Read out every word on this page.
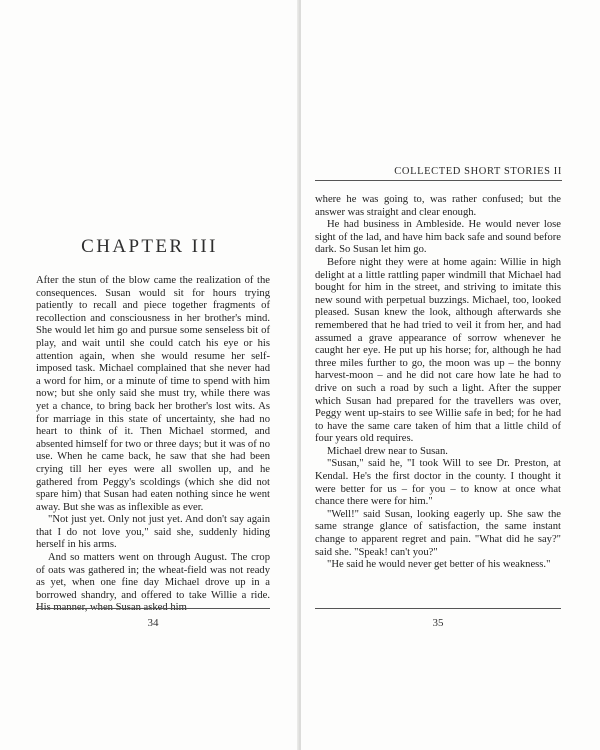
CHAPTER III

After the stun of the blow came the realization of the consequences. Susan would sit for hours trying patiently to recall and piece together fragments of recollection and consciousness in her brother's mind. She would let him go and pursue some senseless bit of play, and wait until she could catch his eye or his attention again, when she would resume her self-imposed task. Michael complained that she never had a word for him, or a minute of time to spend with him now; but she only said she must try, while there was yet a chance, to bring back her brother's lost wits. As for marriage in this state of uncertainty, she had no heart to think of it. Then Michael stormed, and absented himself for two or three days; but it was of no use. When he came back, he saw that she had been crying till her eyes were all swollen up, and he gathered from Peggy's scoldings (which she did not spare him) that Susan had eaten nothing since he went away. But she was as inflexible as ever.

"Not just yet. Only not just yet. And don't say again that I do not love you," said she, suddenly hiding herself in his arms.

And so matters went on through August. The crop of oats was gathered in; the wheat-field was not ready as yet, when one fine day Michael drove up in a borrowed shandry, and offered to take Willie a ride. His manner, when Susan asked him

34
COLLECTED SHORT STORIES II

where he was going to, was rather confused; but the answer was straight and clear enough.

He had business in Ambleside. He would never lose sight of the lad, and have him back safe and sound before dark. So Susan let him go.

Before night they were at home again: Willie in high delight at a little rattling paper windmill that Michael had bought for him in the street, and striving to imitate this new sound with perpetual buzzings. Michael, too, looked pleased. Susan knew the look, although afterwards she remembered that he had tried to veil it from her, and had assumed a grave appearance of sorrow whenever he caught her eye. He put up his horse; for, although he had three miles further to go, the moon was up – the bonny harvest-moon – and he did not care how late he had to drive on such a road by such a light. After the supper which Susan had prepared for the travellers was over, Peggy went up-stairs to see Willie safe in bed; for he had to have the same care taken of him that a little child of four years old requires.

Michael drew near to Susan.

"Susan," said he, "I took Will to see Dr. Preston, at Kendal. He's the first doctor in the county. I thought it were better for us – for you – to know at once what chance there were for him."

"Well!" said Susan, looking eagerly up. She saw the same strange glance of satisfaction, the same instant change to apparent regret and pain. "What did he say?" said she. "Speak! can't you?"

"He said he would never get better of his weakness."

35
